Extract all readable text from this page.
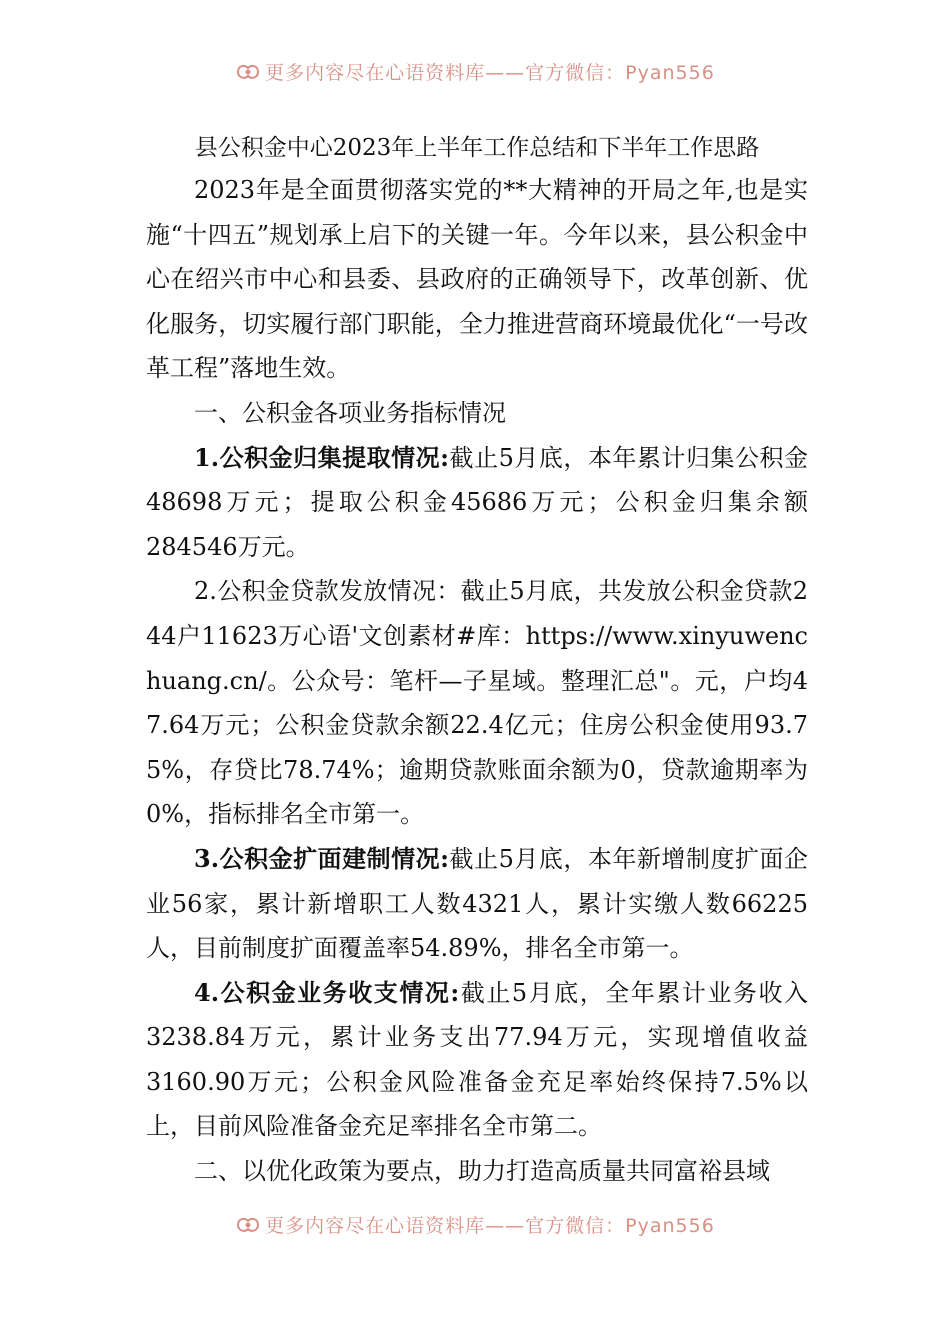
更多内容尽在心语资料库——官方微信：Pyan556
县公积金中心2023年上半年工作总结和下半年工作思路

2023年是全面贯彻落实党的**大精神的开局之年,也是实施“十四五”规划承上启下的关键一年。今年以来，县公积金中心在绍兴市中心和县委、县政府的正确领导下，改革创新、优化服务，切实履行部门职能，全力推进营商环境最优化“一号改革工程”落地生效。

一、公积金各项业务指标情况

1.公积金归集提取情况:截止5月底，本年累计归集公积金48698万元；提取公积金45686万元；公积金归集余额284546万元。

2.公积金贷款发放情况：截止5月底，共发放公积金贷款244户11623万心语'文创素材#库：https://www.xinyuwenchuang.cn/。公众号：笔杆—子星域。整理汇总"。元，户均47.64万元；公积金贷款余额22.4亿元；住房公积金使用93.75%，存贷比78.74%；逾期贷款账面余额为0，贷款逾期率为0%，指标排名全市第一。

3.公积金扩面建制情况:截止5月底，本年新增制度扩面企业56家，累计新增职工人数4321人，累计实缴人数66225人，目前制度扩面覆盖率54.89%，排名全市第一。

4.公积金业务收支情况:截止5月底，全年累计业务收入3238.84万元，累计业务支出77.94万元，实现增值收益3160.90万元；公积金风险准备金充足率始终保持7.5%以上，目前风险准备金充足率排名全市第二。

二、以优化政策为要点，助力打造高质量共同富裕县域

更多内容尽在心语资料库——官方微信：Pyan556
